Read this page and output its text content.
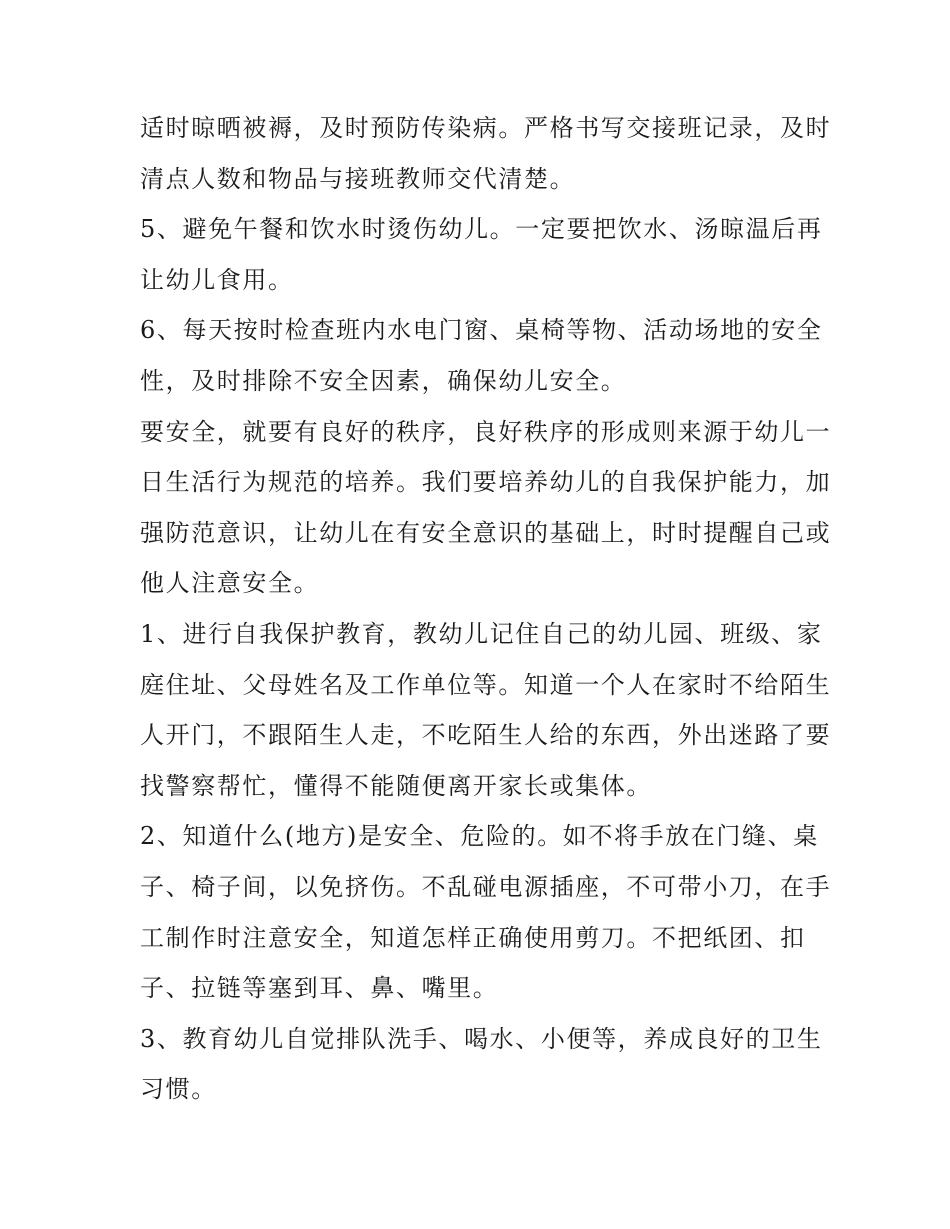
适时晾晒被褥，及时预防传染病。严格书写交接班记录，及时
清点人数和物品与接班教师交代清楚。
5、避免午餐和饮水时烫伤幼儿。一定要把饮水、汤晾温后再
让幼儿食用。
6、每天按时检查班内水电门窗、桌椅等物、活动场地的安全
性，及时排除不安全因素，确保幼儿安全。
要安全，就要有良好的秩序，良好秩序的形成则来源于幼儿一
日生活行为规范的培养。我们要培养幼儿的自我保护能力，加
强防范意识，让幼儿在有安全意识的基础上，时时提醒自己或
他人注意安全。
1、进行自我保护教育，教幼儿记住自己的幼儿园、班级、家
庭住址、父母姓名及工作单位等。知道一个人在家时不给陌生
人开门，不跟陌生人走，不吃陌生人给的东西，外出迷路了要
找警察帮忙，懂得不能随便离开家长或集体。
2、知道什么(地方)是安全、危险的。如不将手放在门缝、桌
子、椅子间，以免挤伤。不乱碰电源插座，不可带小刀，在手
工制作时注意安全，知道怎样正确使用剪刀。不把纸团、扣
子、拉链等塞到耳、鼻、嘴里。
3、教育幼儿自觉排队洗手、喝水、小便等，养成良好的卫生
习惯。
